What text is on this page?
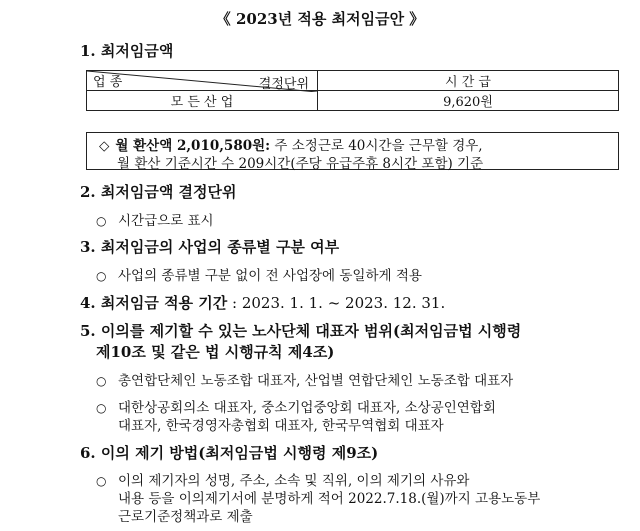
《 2023년 적용 최저임금안 》
1. 최저임금액
결정단위
업 종	시 간 급
모 든 산 업	9,620원
◇ 월 환산액 2,010,580원: 주 소정근로 40시간을 근무할 경우,
월 환산 기준시간 수 209시간(주당 유급주휴 8시간 포함) 기준
2. 최저임금액 결정단위
○ 시간급으로 표시
3. 최저임금의 사업의 종류별 구분 여부
○ 사업의 종류별 구분 없이 전 사업장에 동일하게 적용
4. 최저임금 적용 기간 : 2023. 1. 1. ~ 2023. 12. 31.
5. 이의를 제기할 수 있는 노사단체 대표자 범위(최저임금법 시행령
제10조 및 같은 법 시행규칙 제4조)
○ 총연합단체인 노동조합 대표자, 산업별 연합단체인 노동조합 대표자
○ 대한상공회의소 대표자, 중소기업중앙회 대표자, 소상공인연합회
대표자, 한국경영자총협회 대표자, 한국무역협회 대표자
6. 이의 제기 방법(최저임금법 시행령 제9조)
○ 이의 제기자의 성명, 주소, 소속 및 직위, 이의 제기의 사유와
내용 등을 이의제기서에 분명하게 적어 2022.7.18.(월)까지 고용노동부
근로기준정책과로 제출
